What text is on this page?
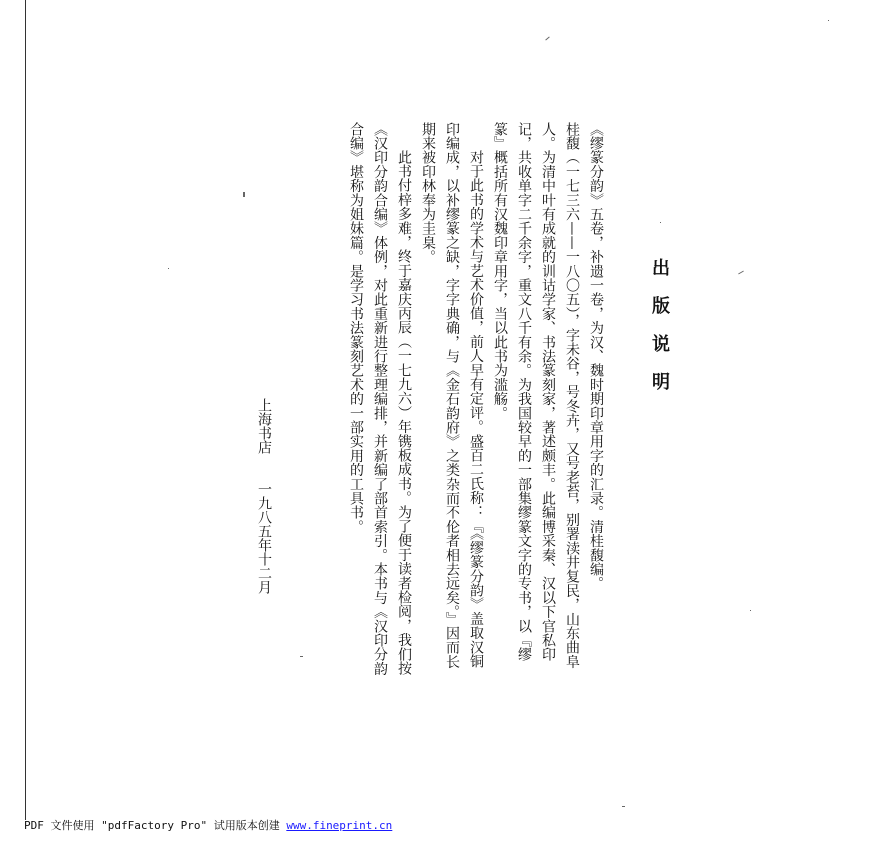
出版说明

《缪篆分韵》五卷，补遗一卷，为汉、魏时期印章用字的汇录。清桂馥编。

桂馥（一七三六——一八〇五），字未谷，号冬卉，又号老苔，别署渎井复民，山东曲阜人。为清中叶有成就的训诂学家、书法篆刻家，著述颇丰。此编博采秦、汉以下官私印记，共收单字二千余字，重文八千有余。为我国较早的一部集缪篆文字的专书，以『缪篆』概括所有汉魏印章用字，当以此书为滥觞。

对于此书的学术与艺术价值，前人早有定评。盛百二氏称：『《缪篆分韵》盖取汉铜印编成，以补缪篆之缺，字字典确，与《金石韵府》之类杂而不伦者相去远矣。』因而长期来被印林奉为圭臬。

此书付梓多难，终于嘉庆丙辰（一七九六）年镌板成书。为了便于读者检阅，我们按《汉印分韵合编》体例，对此重新进行整理编排，并新编了部首索引。本书与《汉印分韵合编》堪称为姐妹篇。是学习书法篆刻艺术的一部实用的工具书。

上海书店
一九八五年十二月
PDF 文件使用 "pdfFactory Pro" 试用版本创建 www.fineprint.cn
